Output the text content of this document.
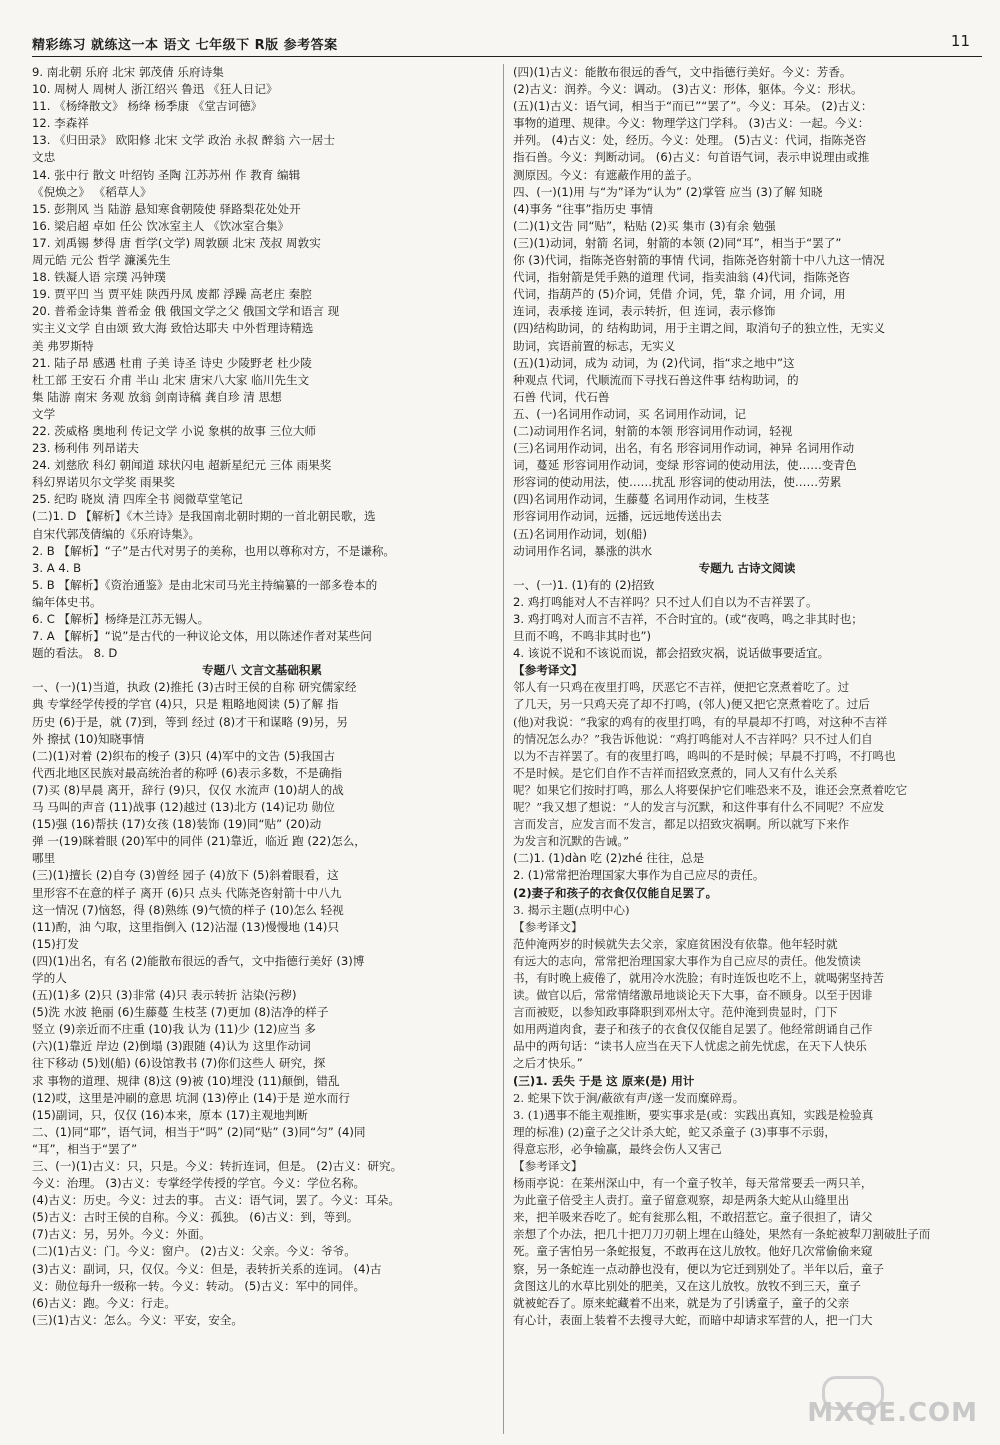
精彩练习 就练这一本 语文 七年级下 R版 参考答案	11
9. 南北朝 乐府 北宋 郭茂倩 乐府诗集
10. 周树人 周树人 浙江绍兴 鲁迅 《狂人日记》
11. 《杨绛散文》 杨绛 杨季康 《堂吉诃德》
12. 李森祥
13. 《归田录》 欧阳修 北宋 文学 政治 永叔 醉翁 六一居士
文忠
14. 张中行 散文 叶绍钧 圣陶 江苏苏州 作 教育 编辑
《倪焕之》 《稻草人》
15. 彭荆风 当 陆游 悬知寒食朝陵使 驿路梨花处处开
16. 梁启超 卓如 任公 饮冰室主人 《饮冰室合集》
17. 刘禹锡 梦得 唐 哲学(文学) 周敦颐 北宋 茂叔 周敦实
周元皓 元公 哲学 濂溪先生
18. 铁凝人语 宗璞 冯钟璞
19. 贾平凹 当 贾平娃 陕西丹凤 废都 浮躁 高老庄 秦腔
20. 普希金诗集 普希金 俄 俄国文学之父 俄国文学和语言 现
实主义文学 自由颂 致大海 致恰达耶夫 中外哲理诗精选
美 弗罗斯特
21. 陆子昂 感遇 杜甫 子美 诗圣 诗史 少陵野老 杜少陵
杜工部 王安石 介甫 半山 北宋 唐宋八大家 临川先生文
集 陆游 南宋 务观 放翁 剑南诗稿 龚自珍 清 思想
文学
22. 茨威格 奥地利 传记文学 小说 象棋的故事 三位大师
23. 杨利伟 列昂诺夫
24. 刘慈欣 科幻 朝闻道 球状闪电 超新星纪元 三体 雨果奖
科幻界诺贝尔文学奖 雨果奖
25. 纪昀 晓岚 清 四库全书 阅微草堂笔记
(二)1. D 【解析】《木兰诗》是我国南北朝时期的一首北朝民歌，选
自宋代郭茂倩编的《乐府诗集》。
2. B 【解析】“子”是古代对男子的美称，也用以尊称对方，不是谦称。
3. A 4. B
5. B 【解析】《资治通鉴》是由北宋司马光主持编纂的一部多卷本的
编年体史书。
6. C 【解析】杨绛是江苏无锡人。
7. A 【解析】“说”是古代的一种议论文体，用以陈述作者对某些问
题的看法。 8. D
专题八 文言文基础积累
一、(一)(1)当道，执政 (2)推托 (3)古时王侯的自称 研究儒家经
典 专掌经学传授的学官 (4)只，只是 粗略地阅读 (5)了解 指
历史 (6)于是，就 (7)到，等到 经过 (8)才干和谋略 (9)另，另
外 擦拭 (10)知晓事情
(二)(1)对着 (2)织布的梭子 (3)只 (4)军中的文告 (5)我国古
代西北地区民族对最高统治者的称呼 (6)表示多数，不是确指
(7)买 (8)早晨 离开，辞行 (9)只，仅仅 水流声 (10)胡人的战
马 马叫的声音 (11)战事 (12)越过 (13)北方 (14)记功 勋位
(15)强 (16)帮扶 (17)女孩 (18)装饰 (19)同“贴” (20)动
弹 一(19)眯着眼 (20)军中的同伴 (21)靠近，临近 跑 (22)怎么，
哪里
(三)(1)擅长 (2)自夸 (3)曾经 园子 (4)放下 (5)斜着眼看，这
里形容不在意的样子 离开 (6)只 点头 代陈尧咨射箭十中八九
这一情况 (7)恼怒，得 (8)熟练 (9)气愤的样子 (10)怎么 轻视
(11)酌，油 勺取，这里指倒入 (12)沾湿 (13)慢慢地 (14)只
(15)打发
(四)(1)出名，有名 (2)能散布很远的香气，文中指德行美好 (3)博
学的人
(五)(1)多 (2)只 (3)非常 (4)只 表示转折 沾染(污秽)
(5)洗 水波 艳丽 (6)生藤蔓 生枝茎 (7)更加 (8)洁净的样子
竖立 (9)亲近而不庄重 (10)我 认为 (11)少 (12)应当 多
(六)(1)靠近 岸边 (2)倒塌 (3)跟随 (4)认为 这里作动词
往下移动 (5)划(船) (6)设馆教书 (7)你们这些人 研究，探
求 事物的道理、规律 (8)这 (9)被 (10)埋没 (11)颠倒，错乱
(12)哎，这里是冲刷的意思 坑洞 (13)停止 (14)于是 逆水而行
(15)副词，只，仅仅 (16)本来，原本 (17)主观地判断
二、(1)同“耶”，语气词，相当于“吗” (2)同“贴” (3)同“匀” (4)同
“耳”，相当于“罢了”
三、(一)(1)古义：只，只是。今义：转折连词，但是。 (2)古义：研究。
今义：治理。 (3)古义：专掌经学传授的学官。今义：学位名称。
(4)古义：历史。今义：过去的事。 古义：语气词，罢了。今义：耳朵。
(5)古义：古时王侯的自称。今义：孤独。 (6)古义：到，等到。
(7)古义：另，另外。今义：外面。
(二)(1)古义：门。今义：窗户。 (2)古义：父亲。今义：爷爷。
(3)古义：副词，只，仅仅。今义：但是，表转折关系的连词。 (4)古
义：勋位每升一级称一转。今义：转动。 (5)古义：军中的同伴。
(6)古义：跑。今义：行走。
(三)(1)古义：怎么。今义：平安，安全。
(四)(1)古义：能散布很远的香气，文中指德行美好。今义：芳香。
(2)古义：润养。今义：调动。 (3)古义：形体，躯体。今义：形状。
(五)(1)古义：语气词，相当于“而已”“罢了”。今义：耳朵。 (2)古义：
事物的道理、规律。今义：物理学这门学科。 (3)古义：一起。今义：
并列。 (4)古义：处，经历。今义：处理。 (5)古义：代词，指陈尧咨
指石兽。今义：判断动词。 (6)古义：句首语气词，表示申说理由或推
测原因。今义：有遮蔽作用的盖子。
四、(一)(1)用 与“为”译为“认为” (2)掌管 应当 (3)了解 知晓
(4)事务 “往事”指历史 事情
(二)(1)文告 同“贴”，粘贴 (2)买 集市 (3)有余 勉强
(三)(1)动词，射箭 名词，射箭的本领 (2)同“耳”，相当于“罢了”
你 (3)代词，指陈尧咨射箭的事情 代词，指陈尧咨射箭十中八九这一情况
代词，指射箭是凭手熟的道理 代词，指卖油翁 (4)代词，指陈尧咨
代词，指葫芦的 (5)介词，凭借 介词，凭，靠 介词，用 介词，用
连词，表承接 连词，表示转折，但 连词，表示修饰
(四)结构助词，的 结构助词，用于主谓之间，取消句子的独立性，无实义
助词，宾语前置的标志，无实义
(五)(1)动词，成为 动词，为 (2)代词，指“求之地中”这
种观点 代词，代顺流而下寻找石兽这件事 结构助词，的
石兽 代词，代石兽
五、(一)名词用作动词，买 名词用作动词，记
(二)动词用作名词，射箭的本领 形容词用作动词，轻视
(三)名词用作动词，出名，有名 形容词用作动词，神异 名词用作动
词，蔓延 形容词用作动词，变绿 形容词的使动用法，使……变青色
形容词的使动用法，使……扰乱 形容词的使动用法，使……劳累
(四)名词用作动词，生藤蔓 名词用作动词，生枝茎
形容词用作动词，远播，远远地传送出去
(五)名词用作动词，划(船)
动词用作名词，暴涨的洪水
专题九 古诗文阅读
一、(一)1. (1)有的 (2)招致
2. 鸡打鸣能对人不吉祥吗？只不过人们自以为不吉祥罢了。
3. 鸡打鸣对人而言不吉祥，不合时宜的。(或“夜鸣，鸣之非其时也；
旦而不鸣，不鸣非其时也”)
4. 该说不说和不该说而说，都会招致灾祸，说话做事要适宜。
【参考译文】
邻人有一只鸡在夜里打鸣，厌恶它不吉祥，便把它烹煮着吃了。过
了几天，另一只鸡天亮了却不打鸣，(邻人)便又把它烹煮着吃了。过后
(他)对我说：“我家的鸡有的夜里打鸣，有的早晨却不打鸣，对这种不吉祥
的情况怎么办？”我告诉他说：“鸡打鸣能对人不吉祥吗？只不过人们自
以为不吉祥罢了。有的夜里打鸣，鸣叫的不是时候；早晨不打鸣，不打鸣也
不是时候。是它们自作不吉祥而招致烹煮的，同人又有什么关系
呢？如果它们按时打鸣，那么人将要保护它们唯恐来不及，谁还会烹煮着吃它
呢？”我又想了想说：“人的发言与沉默，和这件事有什么不同呢？不应发
言而发言，应发言而不发言，都足以招致灾祸啊。所以就写下来作
为发言和沉默的告诫。”
(二)1. (1)dàn 吃 (2)zhé 往往，总是
2. (1)常常把治理国家大事作为自己应尽的责任。
(2)妻子和孩子的衣食仅仅能自足罢了。
3. 揭示主题(点明中心)
【参考译文】
范仲淹两岁的时候就失去父亲，家庭贫困没有依靠。他年轻时就
有远大的志向，常常把治理国家大事作为自己应尽的责任。他发愤读
书，有时晚上疲倦了，就用冷水洗脸；有时连饭也吃不上，就喝粥坚持苦
读。做官以后，常常情绪激昂地谈论天下大事，奋不顾身。以至于因诽
言而被贬，以参知政事降职到邓州太守。范仲淹到贵显时，门下
如用两道肉食，妻子和孩子的衣食仅仅能自足罢了。他经常朗诵自己作
品中的两句话：“读书人应当在天下人忧虑之前先忧虑，在天下人快乐
之后才快乐。”
(三)1. 丢失 于是 这 原来(是) 用计
2. 蛇果下饮于涧/蔽欲有声/遂一发而糜碎焉。
3. (1)遇事不能主观推断，要实事求是(或：实践出真知，实践是检验真
理的标准) (2)童子之父计杀大蛇，蛇又杀童子 (3)事事不示弱，
得意忘形，必争输赢，最终会伤人又害己
【参考译文】
杨雨亭说：在莱州深山中，有一个童子牧羊，每天常常要丢一两只羊，
为此童子倍受主人责打。童子留意观察，却是两条大蛇从山缝里出
来，把羊吸来吞吃了。蛇有瓮那么粗，不敢招惹它。童子很担了，请父
亲想了个办法，把几十把刀刀刃朝上埋在山缝处，果然有一条蛇被犁刀割破肚子而
死。童子害怕另一条蛇报复，不敢再在这儿放牧。他好几次常偷偷来窥
察，另一条蛇连一点动静也没有，便以为它迁到别处了。半年以后，童子
贪图这儿的水草比别处的肥美，又在这儿放牧。放牧不到三天，童子
就被蛇吞了。原来蛇藏着不出来，就是为了引诱童子，童子的父亲
有心计，表面上装着不去搜寻大蛇，而暗中却请求军营的人，把一门大
MXQE.COM
